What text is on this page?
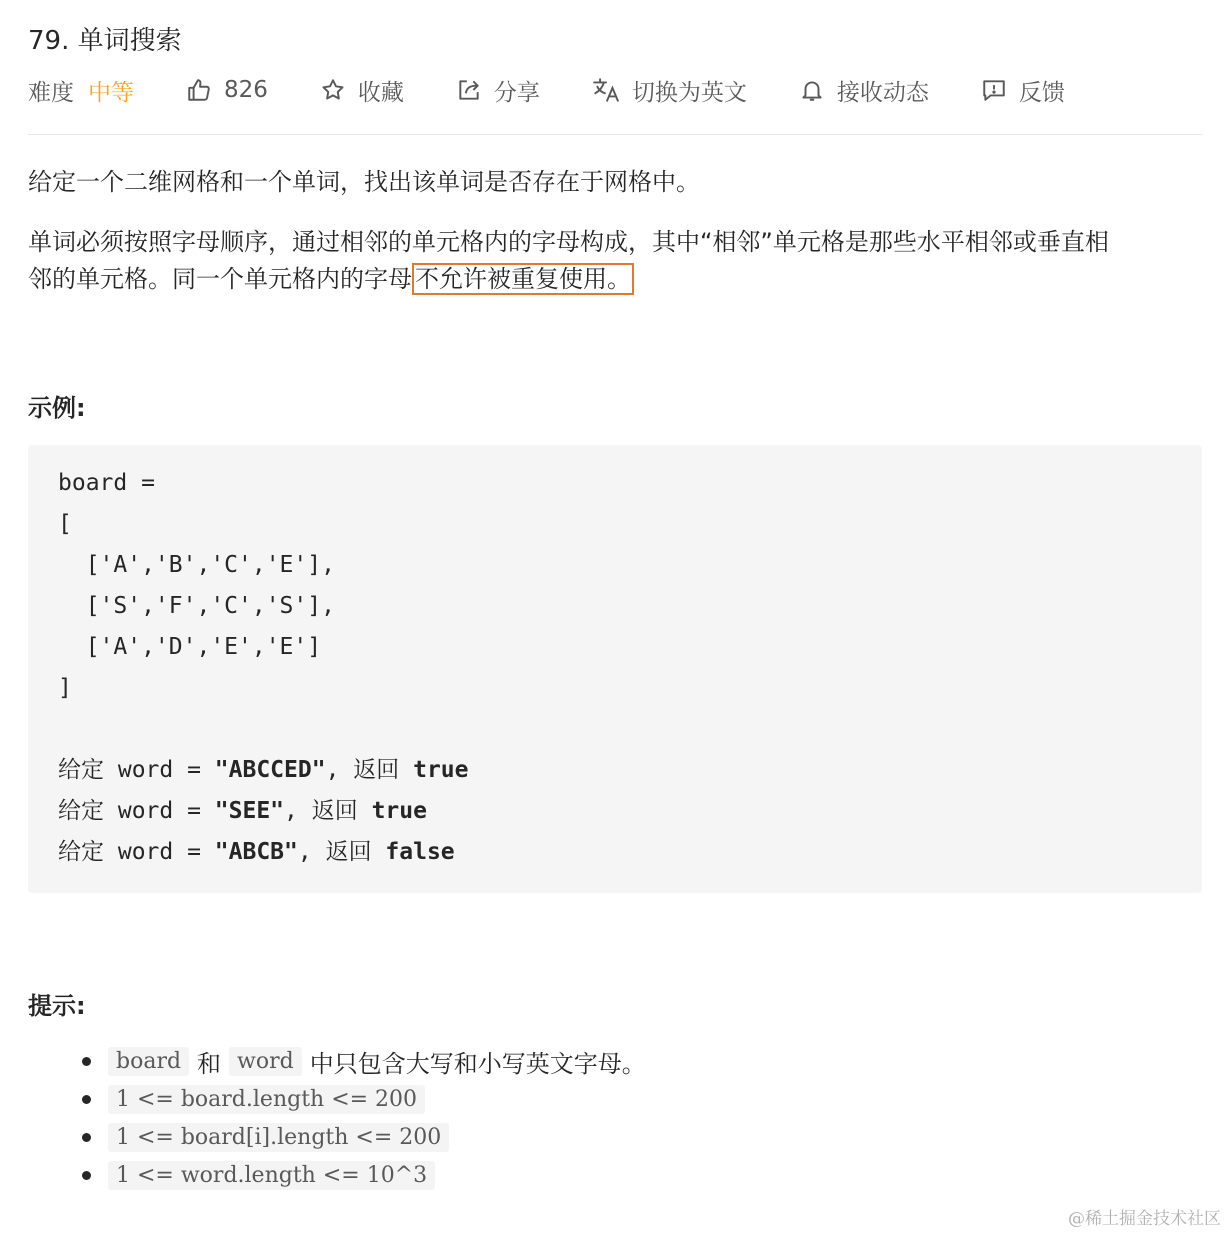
79. 单词搜索
难度 中等	826	收藏	分享	切换为英文	接收动态	反馈
给定一个二维网格和一个单词，找出该单词是否存在于网格中。
单词必须按照字母顺序，通过相邻的单元格内的字母构成，其中“相邻”单元格是那些水平相邻或垂直相
邻的单元格。同一个单元格内的字母 不允许被重复使用。
示例:
board =
[
['A','B','C','E'],
['S','F','C','S'],
['A','D','E','E']
]

给定 word = "ABCCED", 返回 true
给定 word = "SEE", 返回 true
给定 word = "ABCB", 返回 false
提示:
board 和 word 中只包含大写和小写英文字母。
1 <= board.length <= 200
1 <= board[i].length <= 200
1 <= word.length <= 10^3
@稀土掘金技术社区
